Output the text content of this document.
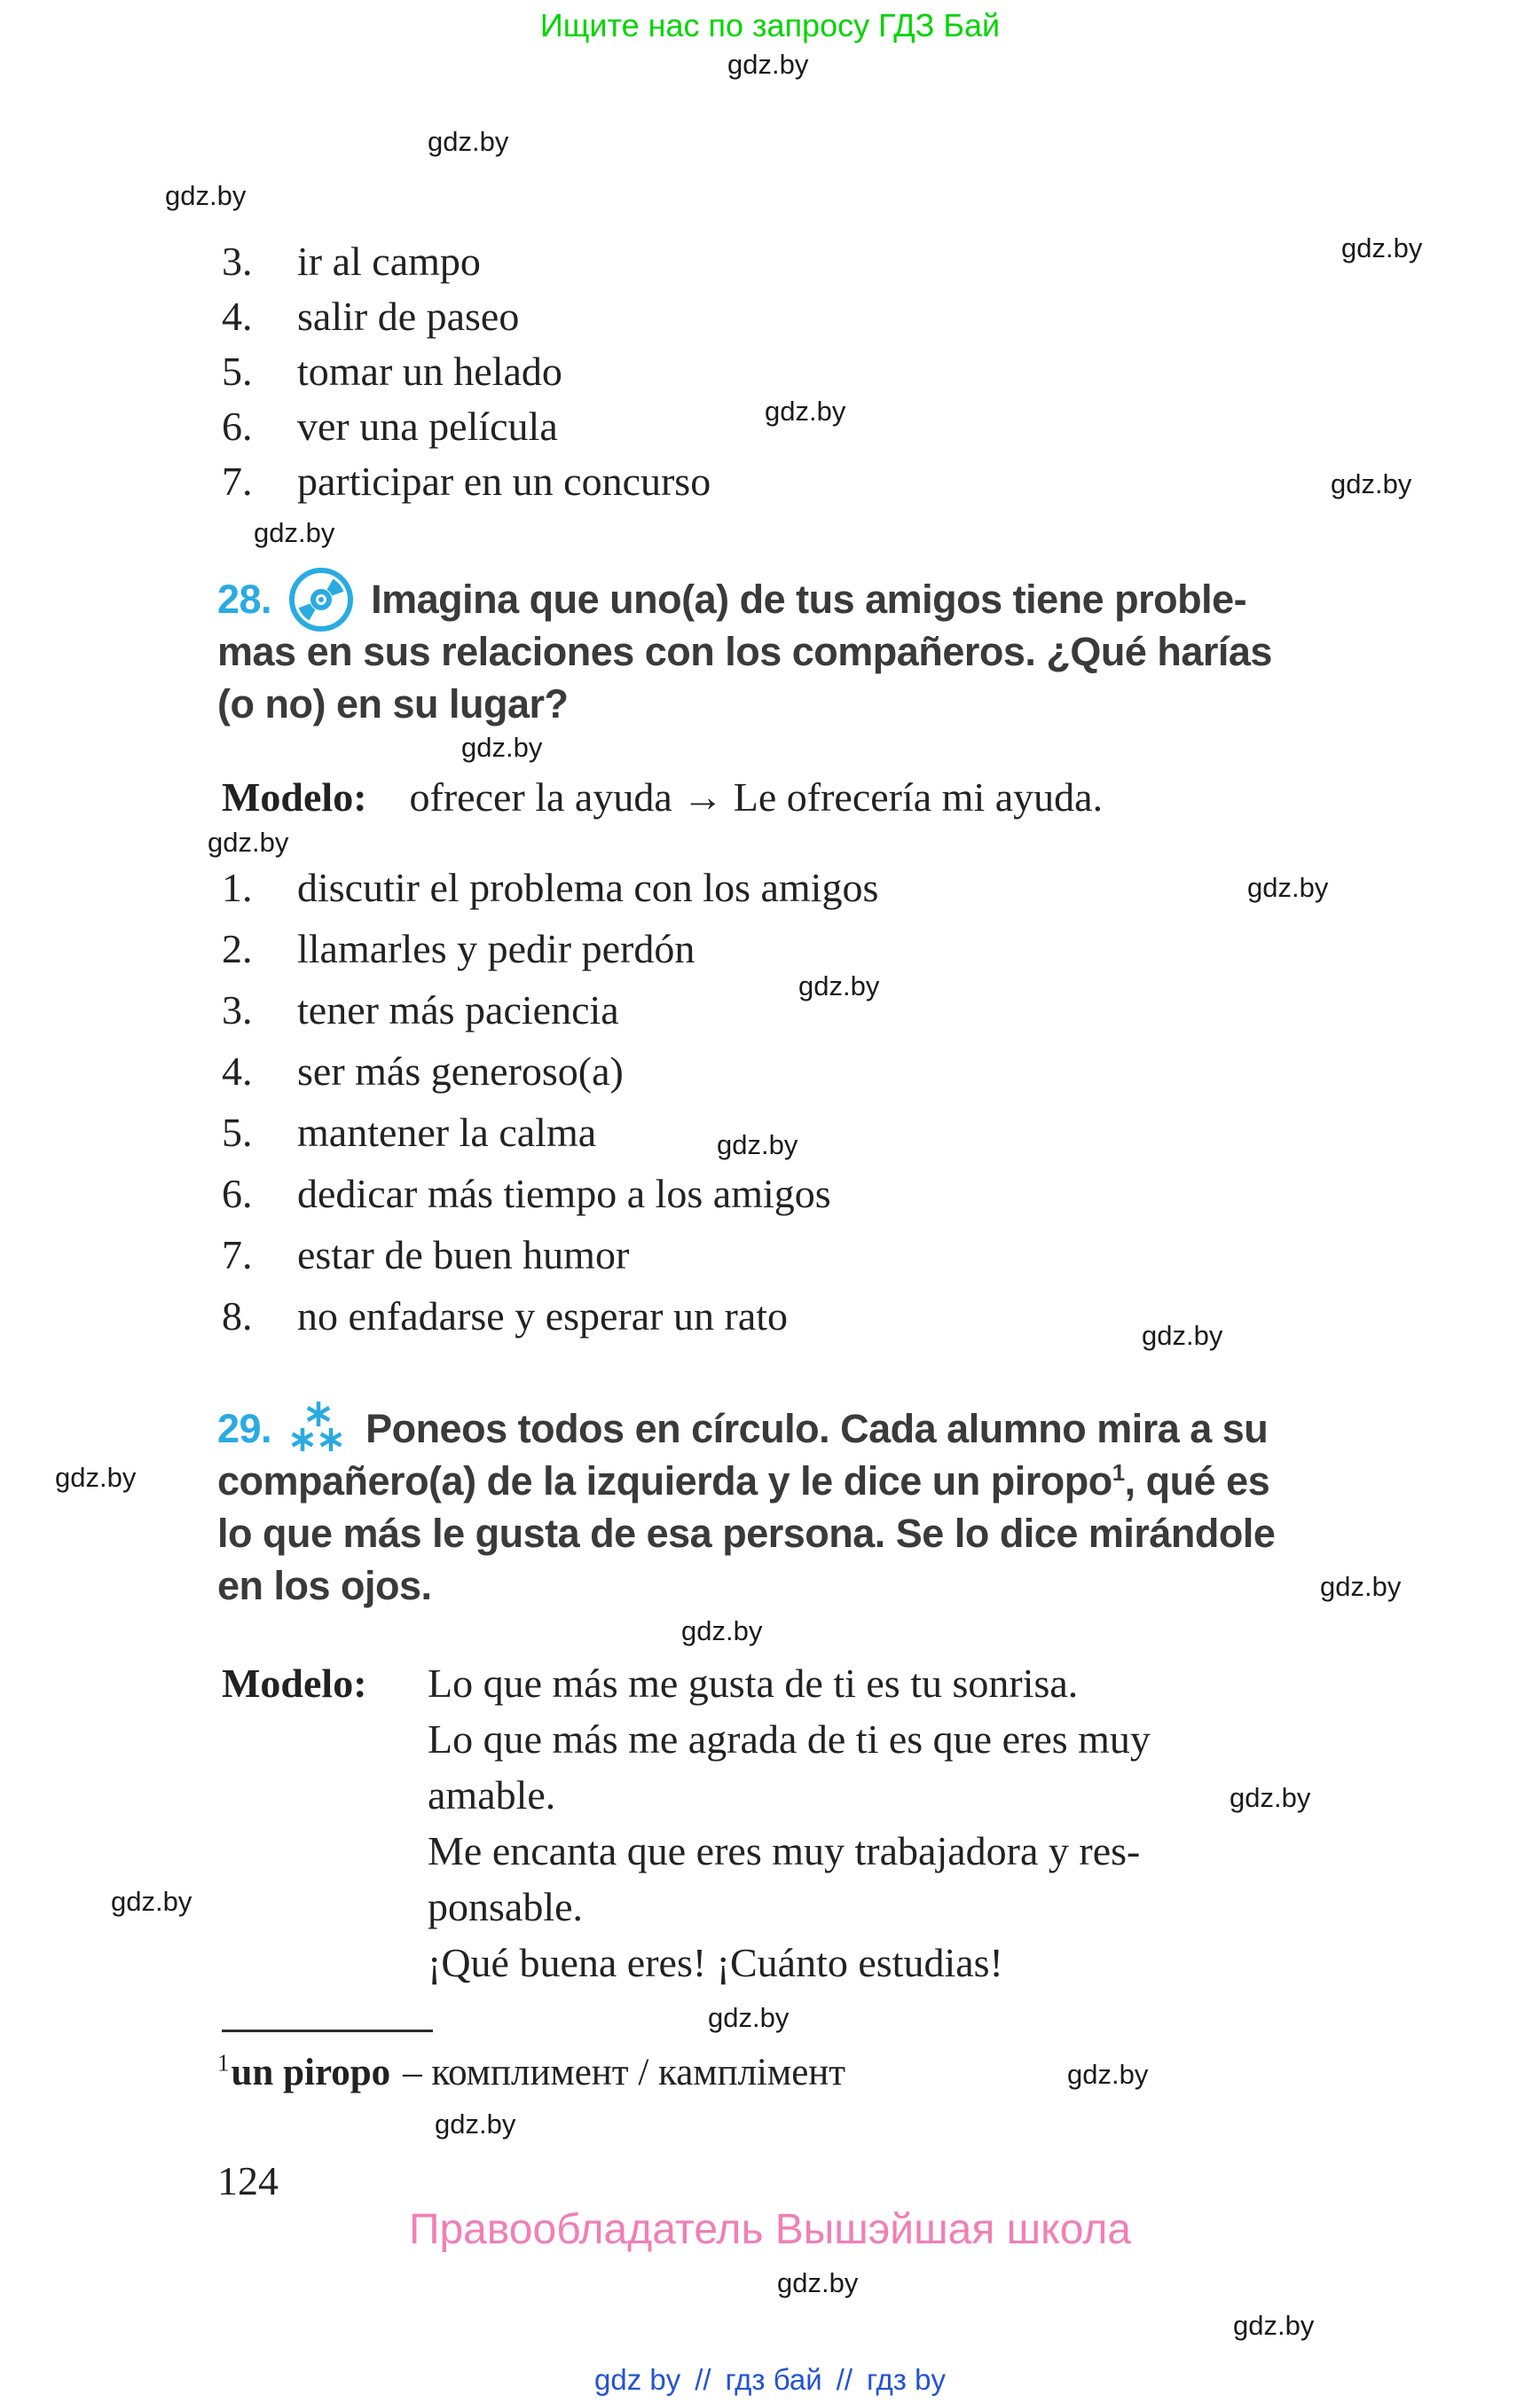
Ищите нас по запросу ГДЗ Бай
gdz.by
gdz.by
gdz.by
gdz.by
gdz.by
gdz.by
gdz.by
gdz.by
gdz.by
gdz.by
gdz.by
gdz.by
gdz.by
gdz.by
gdz.by
gdz.by
gdz.by
gdz.by
gdz.by
gdz.by
gdz.by
gdz.by
gdz.by
3.	ir al campo
4.	salir de paseo
5.	tomar un helado
6.	ver una película
7.	participar en un concurso
28. Imagina que uno(a) de tus amigos tiene proble-
mas en sus relaciones con los compañeros. ¿Qué harías
(o no) en su lugar?
Modelo: ofrecer la ayuda → Le ofrecería mi ayuda.
1.	discutir el problema con los amigos
2.	llamarles y pedir perdón
3.	tener más paciencia
4.	ser más generoso(a)
5.	mantener la calma
6.	dedicar más tiempo a los amigos
7.	estar de buen humor
8.	no enfadarse y esperar un rato
29. Poneos todos en círculo. Cada alumno mira a su
compañero(a) de la izquierda y le dice un piropo$^1$, qué es
lo que más le gusta de esa persona. Se lo dice mirándole
en los ojos.
Modelo:	Lo que más me gusta de ti es tu sonrisa.
Lo que más me agrada de ti es que eres muy
amable.
Me encanta que eres muy trabajadora y res-
ponsable.
¡Qué buena eres! ¡Cuánto estudias!
$^1$un piropo – комплимент / камплімент
124
Правообладатель Вышэйшая школа
gdz by // гдз бай // гдз by
